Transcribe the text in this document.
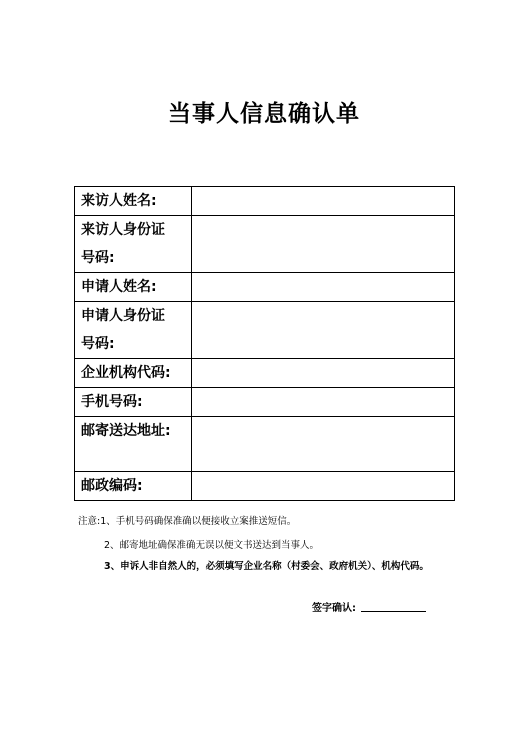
当事人信息确认单
来访人姓名:	
来访人身份证
号码:	
申请人姓名:	
申请人身份证
号码:	
企业机构代码:	
手机号码:	
邮寄送达地址:	
邮政编码:	
注意:1、手机号码确保准确以便接收立案推送短信。
2、邮寄地址确保准确无误以便文书送达到当事人。
3、申诉人非自然人的，必须填写企业名称（村委会、政府机关）、机构代码。
签字确认:
